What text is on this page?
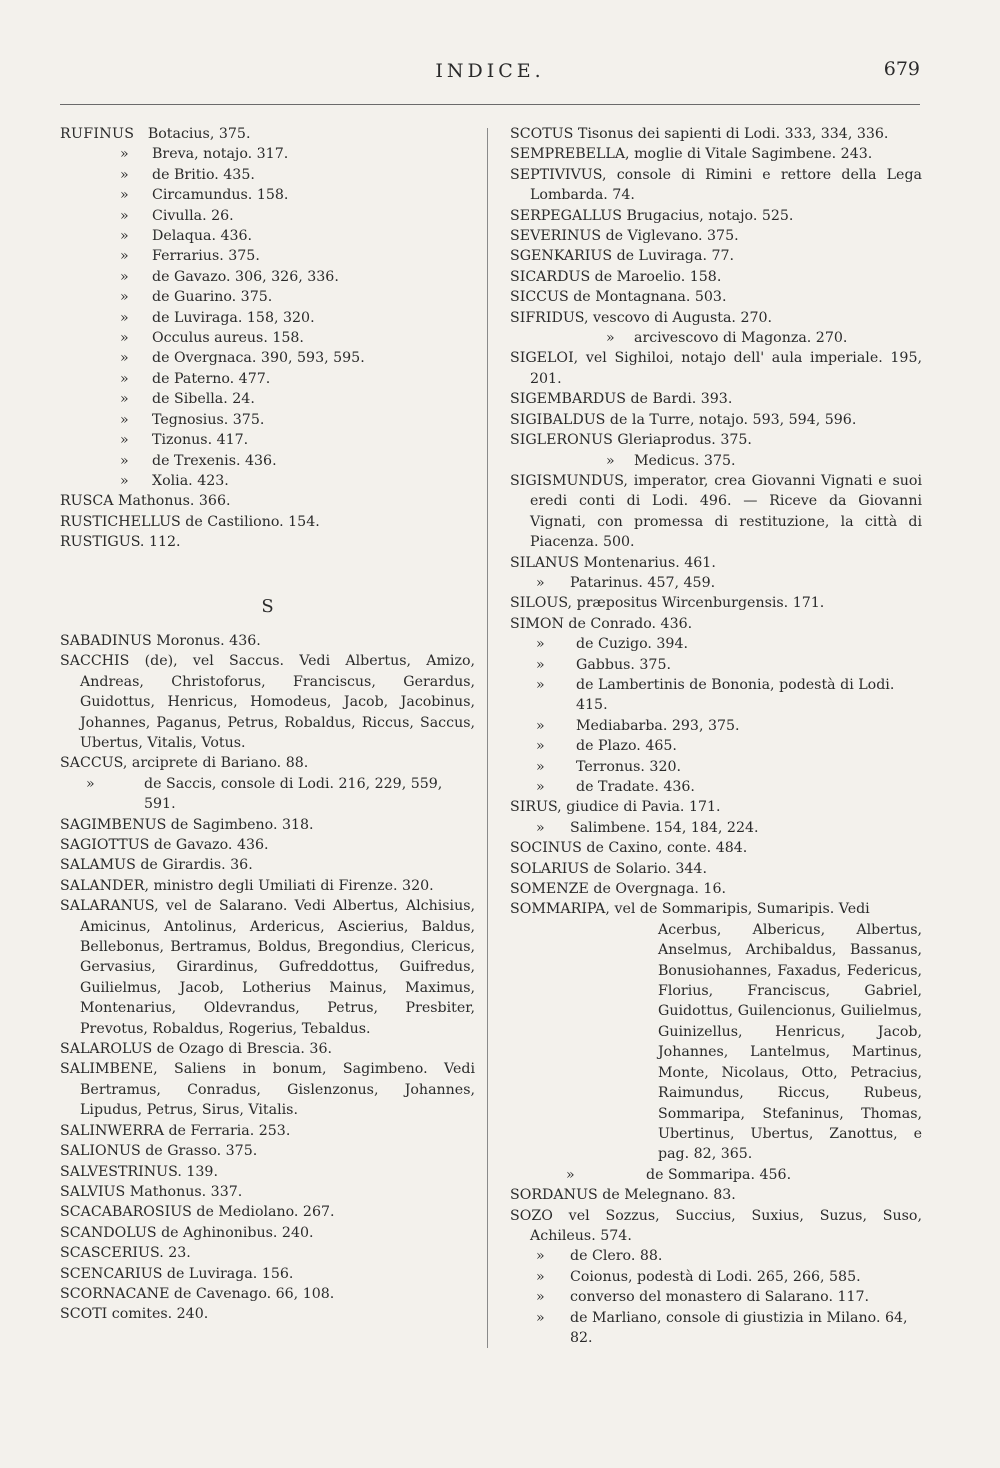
INDICE.	679
RUFINUS Botacius, 375.
» Breva, notajo. 317.
» de Britio. 435.
» Circamundus. 158.
» Civulla. 26.
» Delaqua. 436.
» Ferrarius. 375.
» de Gavazo. 306, 326, 336.
» de Guarino. 375.
» de Luviraga. 158, 320.
» Occulus aureus. 158.
» de Overgnaca. 390, 593, 595.
» de Paterno. 477.
» de Sibella. 24.
» Tegnosius. 375.
» Tizonus. 417.
» de Trexenis. 436.
» Xolia. 423.
RUSCA Mathonus. 366.
RUSTICHELLUS de Castiliono. 154.
RUSTIGUS. 112.
S
SABADINUS Moronus. 436.
SACCHIS (de), vel Saccus. Vedi Albertus, Amizo, Andreas, Christoforus, Franciscus, Gerardus, Guidottus, Henricus, Homodeus, Jacob, Jacobinus, Johannes, Paganus, Petrus, Robaldus, Riccus, Saccus, Ubertus, Vitalis, Votus.
SACCUS, arciprete di Bariano. 88.
»	de Saccis, console di Lodi. 216, 229, 559, 591.
SAGIMBENUS de Sagimbeno. 318.
SAGIOTTUS de Gavazo. 436.
SALAMUS de Girardis. 36.
SALANDER, ministro degli Umiliati di Firenze. 320.
SALARANUS, vel de Salarano. Vedi Albertus, Alchisius, Amicinus, Antolinus, Ardericus, Ascierius, Baldus, Bellebonus, Bertramus, Boldus, Bregondius, Clericus, Gervasius, Girardinus, Gufreddottus, Guifredus, Guilielmus, Jacob, Lotherius Mainus, Maximus, Montenarius, Oldevrandus, Petrus, Presbiter, Prevotus, Robaldus, Rogerius, Tebaldus.
SALAROLUS de Ozago di Brescia. 36.
SALIMBENE, Saliens in bonum, Sagimbeno. Vedi Bertramus, Conradus, Gislenzonus, Johannes, Lipudus, Petrus, Sirus, Vitalis.
SALINWERRA de Ferraria. 253.
SALIONUS de Grasso. 375.
SALVESTRINUS. 139.
SALVIUS Mathonus. 337.
SCACABAROSIUS de Mediolano. 267.
SCANDOLUS de Aghinonibus. 240.
SCASCERIUS. 23.
SCENCARIUS de Luviraga. 156.
SCORNACANE de Cavenago. 66, 108.
SCOTI comites. 240.
SCOTUS Tisonus dei sapienti di Lodi. 333, 334, 336.
SEMPREBELLA, moglie di Vitale Sagimbene. 243.
SEPTIVIVUS, console di Rimini e rettore della Lega Lombarda. 74.
SERPEGALLUS Brugacius, notajo. 525.
SEVERINUS de Viglevano. 375.
SGENKARIUS de Luviraga. 77.
SICARDUS de Maroelio. 158.
SICCUS de Montagnana. 503.
SIFRIDUS, vescovo di Augusta. 270.
» arcivescovo di Magonza. 270.
SIGELOI, vel Sighiloi, notajo dell' aula imperiale. 195, 201.
SIGEMBARDUS de Bardi. 393.
SIGIBALDUS de la Turre, notajo. 593, 594, 596.
SIGLERONUS Gleriaprodus. 375.
» Medicus. 375.
SIGISMUNDUS, imperator, crea Giovanni Vignati e suoi eredi conti di Lodi. 496. — Riceve da Giovanni Vignati, con promessa di restituzione, la città di Piacenza. 500.
SILANUS Montenarius. 461.
» Patarinus. 457, 459.
SILOUS, præpositus Wircenburgensis. 171.
SIMON de Conrado. 436.
» de Cuzigo. 394.
» Gabbus. 375.
» de Lambertinis de Bononia, podestà di Lodi. 415.
» Mediabarba. 293, 375.
» de Plazo. 465.
» Terronus. 320.
» de Tradate. 436.
SIRUS, giudice di Pavia. 171.
» Salimbene. 154, 184, 224.
SOCINUS de Caxino, conte. 484.
SOLARIUS de Solario. 344.
SOMENZE de Overgnaga. 16.
SOMMARIPA, vel de Sommaripis, Sumaripis. Vedi
Acerbus, Albericus, Albertus, Anselmus, Archibaldus, Bassanus, Bonusiohannes, Faxadus, Federicus, Florius, Franciscus, Gabriel, Guidottus, Guilencionus, Guilielmus, Guinizellus, Henricus, Jacob, Johannes, Lantelmus, Martinus, Monte, Nicolaus, Otto, Petracius, Raimundus, Riccus, Rubeus, Sommaripa, Stefaninus, Thomas, Ubertinus, Ubertus, Zanottus, e pag. 82, 365.
»	de Sommaripa. 456.
SORDANUS de Melegnano. 83.
SOZO vel Sozzus, Succius, Suxius, Suzus, Suso, Achileus. 574.
» de Clero. 88.
» Coionus, podestà di Lodi. 265, 266, 585.
» converso del monastero di Salarano. 117.
» de Marliano, console di giustizia in Milano. 64, 82.
